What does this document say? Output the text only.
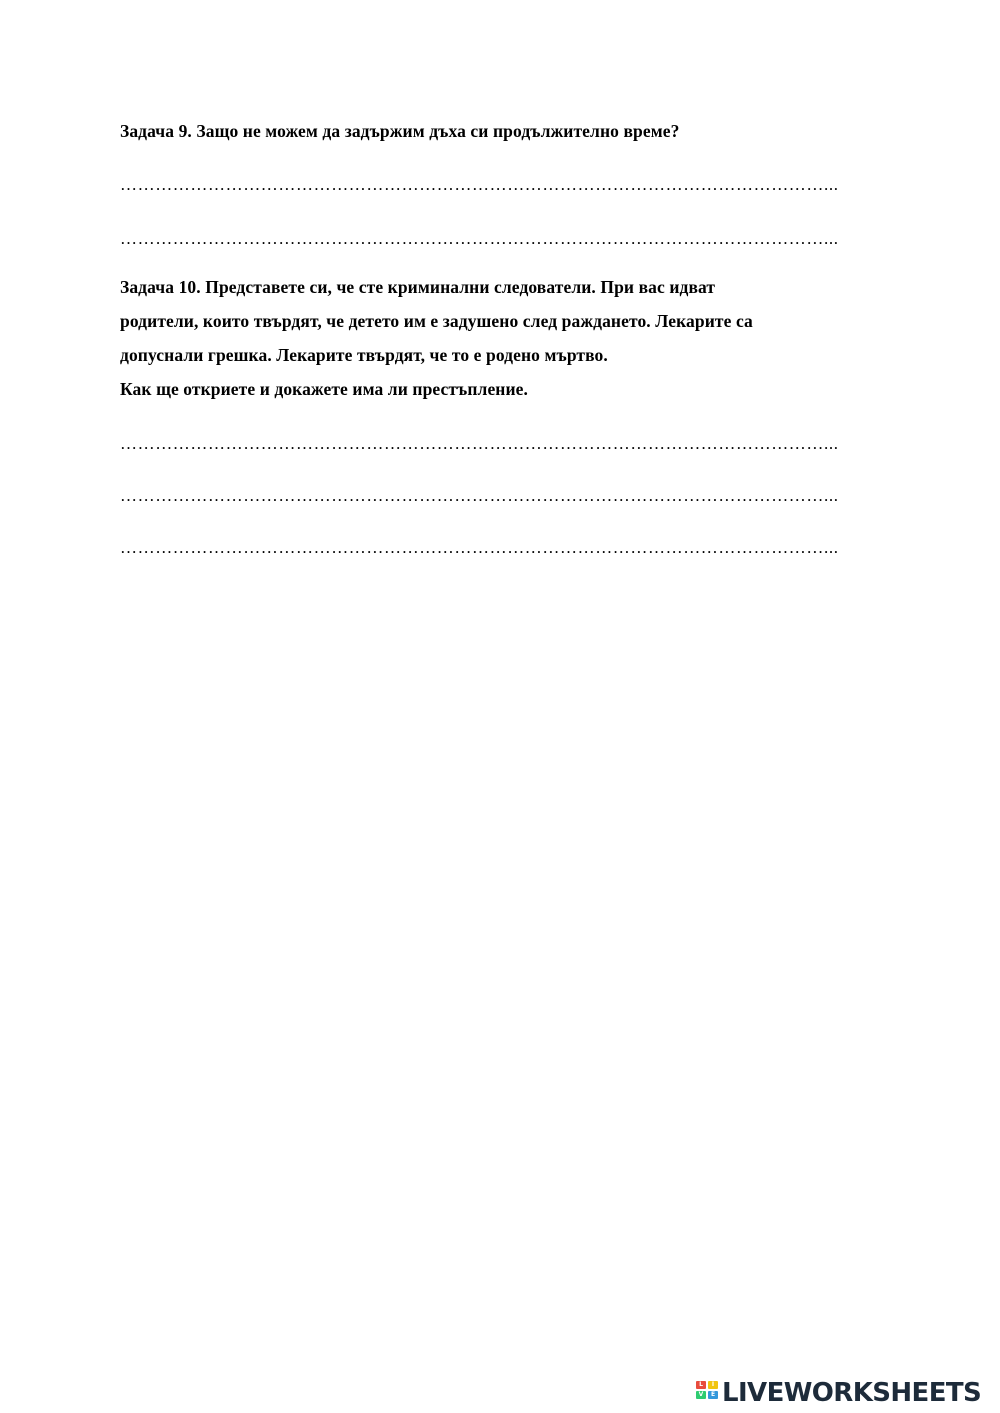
Задача 9. Защо не можем да задържим дъха си продължително време?
…………………………………………………………………………………………………………...
…………………………………………………………………………………………………………...
Задача 10. Представете си, че сте криминални следователи. При вас идват
родители, които твърдят, че детето им е задушено след раждането. Лекарите са
допуснали грешка. Лекарите твърдят, че то е родено мъртво.
Как ще откриете и докажете има ли престъпление.
…………………………………………………………………………………………………………...
…………………………………………………………………………………………………………...
…………………………………………………………………………………………………………...
L	I
V	E LIVEWORKSHEETS
